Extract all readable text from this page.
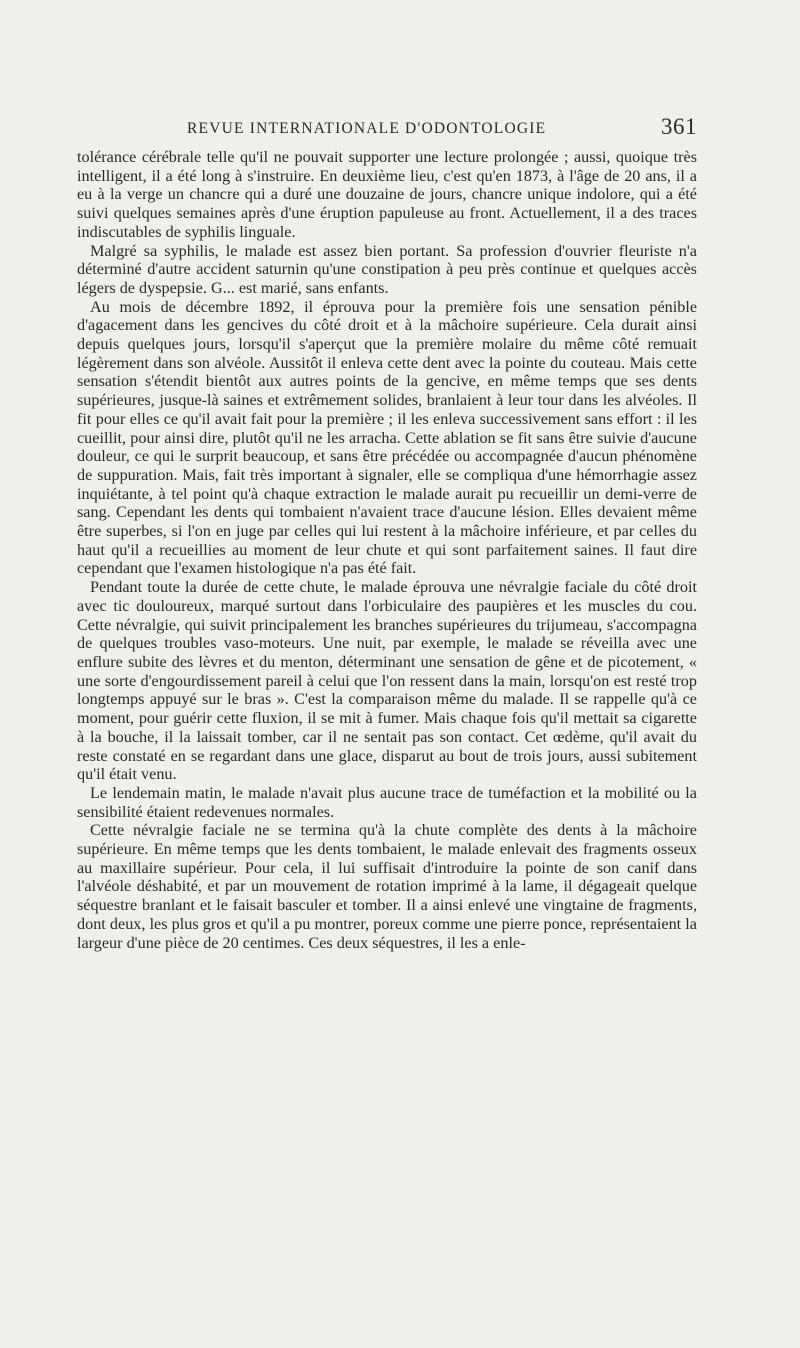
REVUE INTERNATIONALE D'ODONTOLOGIE	361

tolérance cérébrale telle qu'il ne pouvait supporter une lecture prolongée ; aussi, quoique très intelligent, il a été long à s'instruire. En deuxième lieu, c'est qu'en 1873, à l'âge de 20 ans, il a eu à la verge un chancre qui a duré une douzaine de jours, chancre unique indolore, qui a été suivi quelques semaines après d'une éruption papuleuse au front. Actuellement, il a des traces indiscutables de syphilis linguale.

Malgré sa syphilis, le malade est assez bien portant. Sa profession d'ouvrier fleuriste n'a déterminé d'autre accident saturnin qu'une constipation à peu près continue et quelques accès légers de dyspepsie. G... est marié, sans enfants.

Au mois de décembre 1892, il éprouva pour la première fois une sensation pénible d'agacement dans les gencives du côté droit et à la mâchoire supérieure. Cela durait ainsi depuis quelques jours, lorsqu'il s'aperçut que la première molaire du même côté remuait légèrement dans son alvéole. Aussitôt il enleva cette dent avec la pointe du couteau. Mais cette sensation s'étendit bientôt aux autres points de la gencive, en même temps que ses dents supérieures, jusque-là saines et extrêmement solides, branlaient à leur tour dans les alvéoles. Il fit pour elles ce qu'il avait fait pour la première ; il les enleva successivement sans effort : il les cueillit, pour ainsi dire, plutôt qu'il ne les arracha. Cette ablation se fit sans être suivie d'aucune douleur, ce qui le surprit beaucoup, et sans être précédée ou accompagnée d'aucun phénomène de suppuration. Mais, fait très important à signaler, elle se compliqua d'une hémorrhagie assez inquiétante, à tel point qu'à chaque extraction le malade aurait pu recueillir un demi-verre de sang. Cependant les dents qui tombaient n'avaient trace d'aucune lésion. Elles devaient même être superbes, si l'on en juge par celles qui lui restent à la mâchoire inférieure, et par celles du haut qu'il a recueillies au moment de leur chute et qui sont parfaitement saines. Il faut dire cependant que l'examen histologique n'a pas été fait.

Pendant toute la durée de cette chute, le malade éprouva une névralgie faciale du côté droit avec tic douloureux, marqué surtout dans l'orbiculaire des paupières et les muscles du cou. Cette névralgie, qui suivit principalement les branches supérieures du trijumeau, s'accompagna de quelques troubles vaso-moteurs. Une nuit, par exemple, le malade se réveilla avec une enflure subite des lèvres et du menton, déterminant une sensation de gêne et de picotement, « une sorte d'engourdissement pareil à celui que l'on ressent dans la main, lorsqu'on est resté trop longtemps appuyé sur le bras ». C'est la comparaison même du malade. Il se rappelle qu'à ce moment, pour guérir cette fluxion, il se mit à fumer. Mais chaque fois qu'il mettait sa cigarette à la bouche, il la laissait tomber, car il ne sentait pas son contact. Cet œdème, qu'il avait du reste constaté en se regardant dans une glace, disparut au bout de trois jours, aussi subitement qu'il était venu.

Le lendemain matin, le malade n'avait plus aucune trace de tuméfaction et la mobilité ou la sensibilité étaient redevenues normales.

Cette névralgie faciale ne se termina qu'à la chute complète des dents à la mâchoire supérieure. En même temps que les dents tombaient, le malade enlevait des fragments osseux au maxillaire supérieur. Pour cela, il lui suffisait d'introduire la pointe de son canif dans l'alvéole déshabité, et par un mouvement de rotation imprimé à la lame, il dégageait quelque séquestre branlant et le faisait basculer et tomber. Il a ainsi enlevé une vingtaine de fragments, dont deux, les plus gros et qu'il a pu montrer, poreux comme une pierre ponce, représentaient la largeur d'une pièce de 20 centimes. Ces deux séquestres, il les a enle-
